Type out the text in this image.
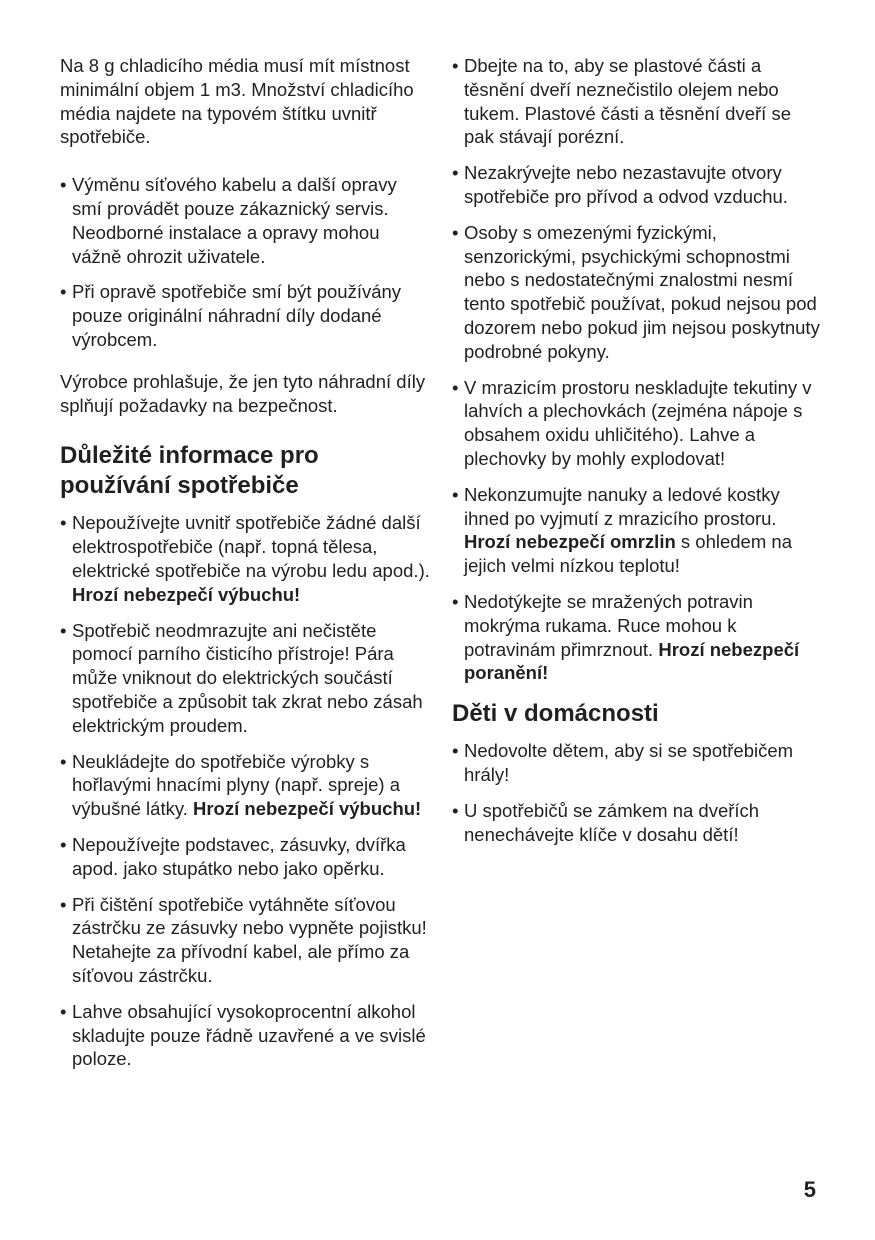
Na 8 g chladicího média musí mít místnost minimální objem 1 m3. Množství chladicího média najdete na typovém štítku uvnitř spotřebiče.

• Výměnu síťového kabelu a další opravy smí provádět pouze zákaznický servis. Neodborné instalace a opravy mohou vážně ohrozit uživatele.
• Při opravě spotřebiče smí být používány pouze originální náhradní díly dodané výrobcem.

Výrobce prohlašuje, že jen tyto náhradní díly splňují požadavky na bezpečnost.

Důležité informace pro
používání spotřebiče
• Nepoužívejte uvnitř spotřebiče žádné další elektrospotřebiče (např. topná tělesa, elektrické spotřebiče na výrobu ledu apod.). Hrozí nebezpečí výbuchu!
• Spotřebič neodmrazujte ani nečistěte pomocí parního čisticího přístroje! Pára může vniknout do elektrických součástí spotřebiče a způsobit tak zkrat nebo zásah elektrickým proudem.
• Neukládejte do spotřebiče výrobky s hořlavými hnacími plyny (např. spreje) a výbušné látky. Hrozí nebezpečí výbuchu!
• Nepoužívejte podstavec, zásuvky, dvířka apod. jako stupátko nebo jako opěrku.
• Při čištění spotřebiče vytáhněte síťovou zástrčku ze zásuvky nebo vypněte pojistku! Netahejte za přívodní kabel, ale přímo za síťovou zástrčku.
• Lahve obsahující vysokoprocentní alkohol skladujte pouze řádně uzavřené a ve svislé poloze.
• Dbejte na to, aby se plastové části a těsnění dveří neznečistilo olejem nebo tukem. Plastové části a těsnění dveří se pak stávají porézní.
• Nezakrývejte nebo nezastavujte otvory spotřebiče pro přívod a odvod vzduchu.
• Osoby s omezenými fyzickými, senzorickými, psychickými schopnostmi nebo s nedostatečnými znalostmi nesmí tento spotřebič používat, pokud nejsou pod dozorem nebo pokud jim nejsou poskytnuty podrobné pokyny.
• V mrazicím prostoru neskladujte tekutiny v lahvích a plechovkách (zejména nápoje s obsahem oxidu uhličitého). Lahve a plechovky by mohly explodovat!
• Nekonzumujte nanuky a ledové kostky ihned po vyjmutí z mrazicího prostoru. Hrozí nebezpečí omrzlin s ohledem na jejich velmi nízkou teplotu!
• Nedotýkejte se mražených potravin mokrýma rukama. Ruce mohou k potravinám přimrznout. Hrozí nebezpečí poranění!
Děti v domácnosti
• Nedovolte dětem, aby si se spotřebičem hrály!
• U spotřebičů se zámkem na dveřích nenechávejte klíče v dosahu dětí!
5
